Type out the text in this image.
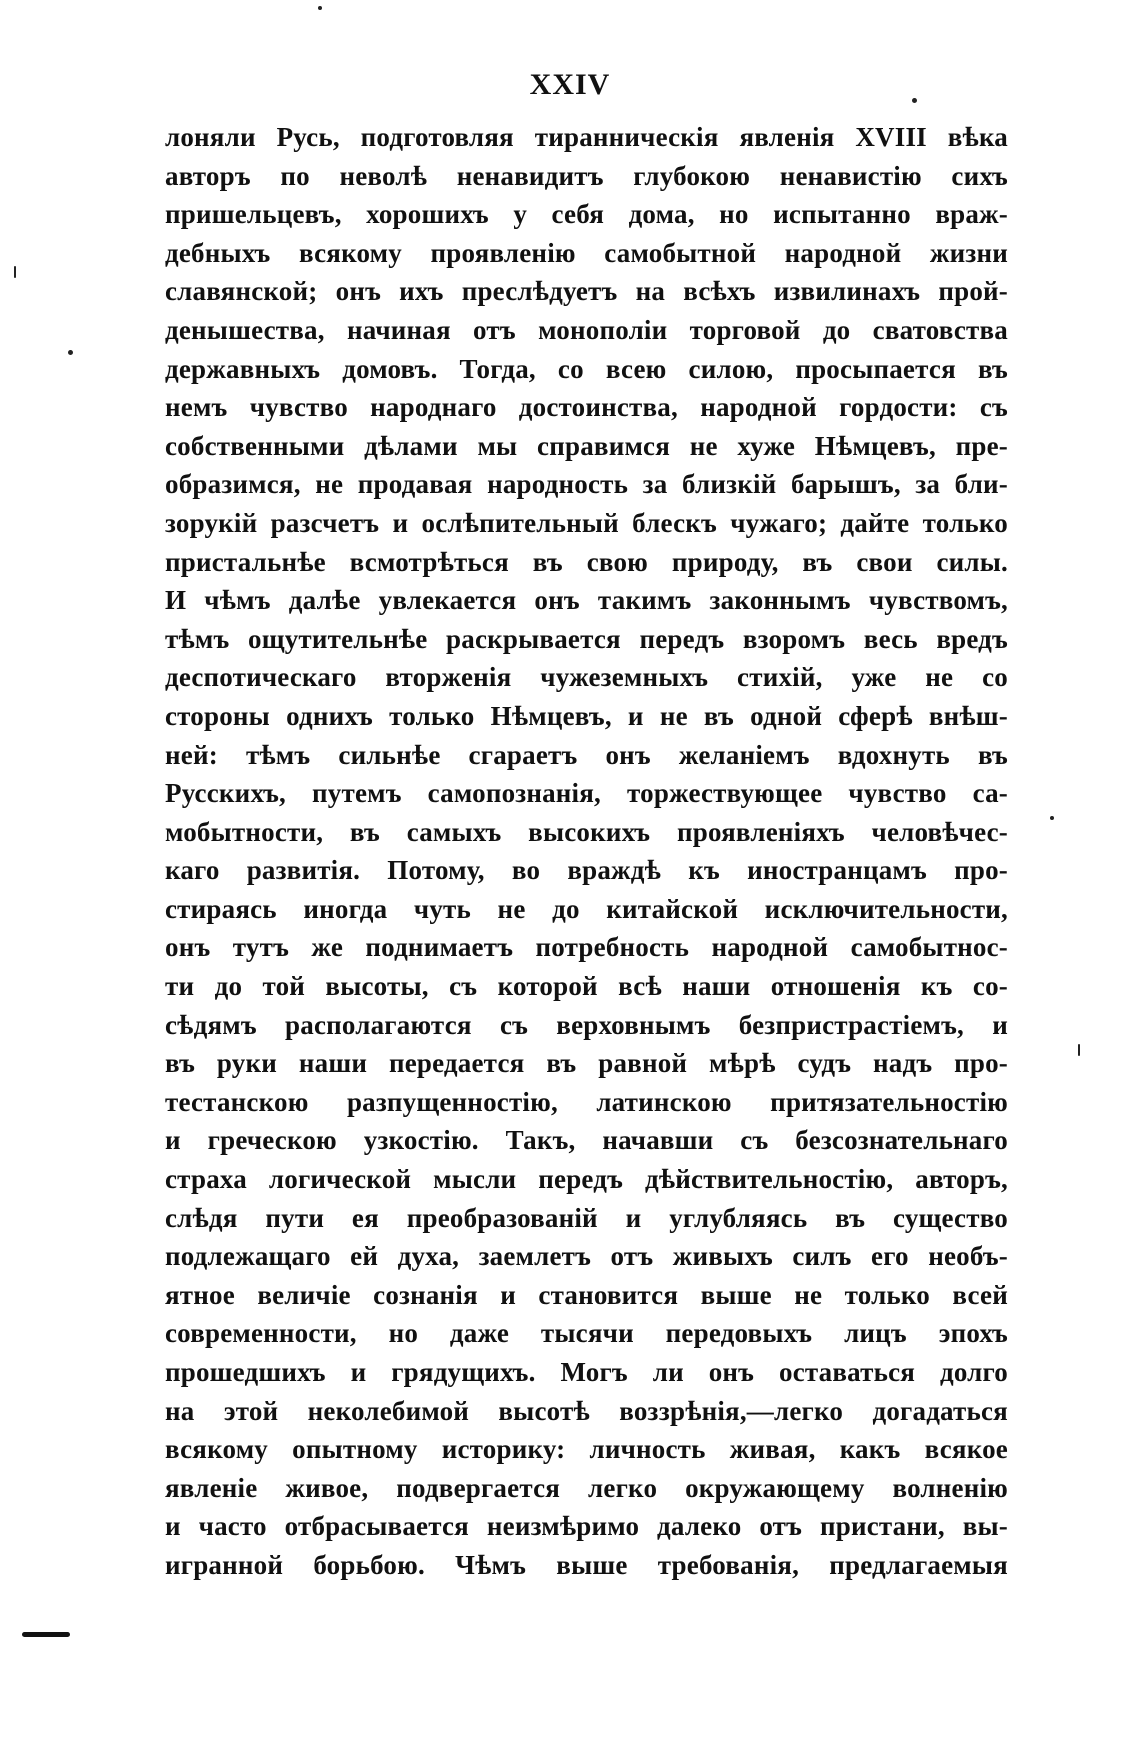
XXIV
лоняли Русь, подготовляя тиранническія явленія XVIII вѣка
авторъ по неволѣ ненавидитъ глубокою ненавистію сихъ
пришельцевъ, хорошихъ у себя дома, но испытанно враж-
дебныхъ всякому проявленію самобытной народной жизни
славянской; онъ ихъ преслѣдуетъ на всѣхъ извилинахъ прой-
денышества, начиная отъ монополіи торговой до сватовства
державныхъ домовъ. Тогда, со всею силою, просыпается въ
немъ чувство народнаго достоинства, народной гордости: съ
собственными дѣлами мы справимся не хуже Нѣмцевъ, пре-
образимся, не продавая народность за близкій барышъ, за бли-
зорукій разсчетъ и ослѣпительный блескъ чужаго; дайте только
пристальнѣе всмотрѣться въ свою природу, въ свои силы.
И чѣмъ далѣе увлекается онъ такимъ законнымъ чувствомъ,
тѣмъ ощутительнѣе раскрывается передъ взоромъ весь вредъ
деспотическаго вторженія чужеземныхъ стихій, уже не со
стороны однихъ только Нѣмцевъ, и не въ одной сферѣ внѣш-
ней: тѣмъ сильнѣе сгараетъ онъ желаніемъ вдохнуть въ
Русскихъ, путемъ самопознанія, торжествующее чувство са-
мобытности, въ самыхъ высокихъ проявленіяхъ человѣчес-
каго развитія. Потому, во враждѣ къ иностранцамъ про-
стираясь иногда чуть не до китайской исключительности,
онъ тутъ же поднимаетъ потребность народной самобытнос-
ти до той высоты, съ которой всѣ наши отношенія къ со-
сѣдямъ располагаются съ верховнымъ безпристрастіемъ, и
въ руки наши передается въ равной мѣрѣ судъ надъ про-
тестанскою разпущенностію, латинскою притязательностію
и греческою узкостію. Такъ, начавши съ безсознательнаго
страха логической мысли передъ дѣйствительностію, авторъ,
слѣдя пути ея преобразованій и углубляясь въ существо
подлежащаго ей духа, заемлетъ отъ живыхъ силъ его необъ-
ятное величіе сознанія и становится выше не только всей
современности, но даже тысячи передовыхъ лицъ эпохъ
прошедшихъ и грядущихъ. Могъ ли онъ оставаться долго
на этой неколебимой высотѣ воззрѣнія,—легко догадаться
всякому опытному историку: личность живая, какъ всякое
явленіе живое, подвергается легко окружающему волненію
и часто отбрасывается неизмѣримо далеко отъ пристани, вы-
игранной борьбою. Чѣмъ выше требованія, предлагаемыя
